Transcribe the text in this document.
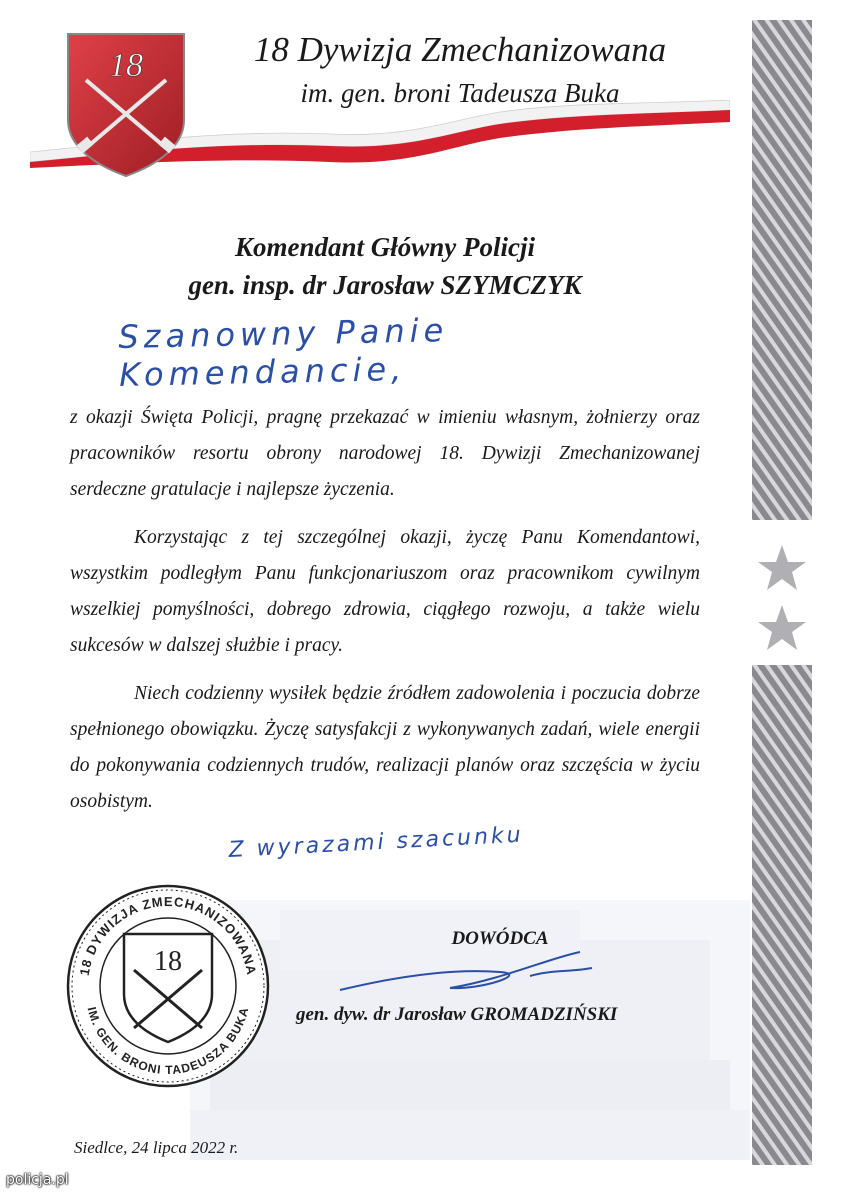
18	18 Dywizja Zmechanizowana
im. gen. broni Tadeusza Buka
Komendant Główny Policji
gen. insp. dr Jarosław SZYMCZYK
Szanowny Panie Komendancie,

z okazji Święta Policji, pragnę przekazać w imieniu własnym, żołnierzy oraz pracowników resortu obrony narodowej 18. Dywizji Zmechanizowanej serdeczne gratulacje i najlepsze życzenia.

Korzystając z tej szczególnej okazji, życzę Panu Komendantowi, wszystkim podległym Panu funkcjonariuszom oraz pracownikom cywilnym wszelkiej pomyślności, dobrego zdrowia, ciągłego rozwoju, a także wielu sukcesów w dalszej służbie i pracy.

Niech codzienny wysiłek będzie źródłem zadowolenia i poczucia dobrze spełnionego obowiązku. Życzę satysfakcji z wykonywanych zadań, wiele energii do pokonywania codziennych trudów, realizacji planów oraz szczęścia w życiu osobistym.

Z wyrazami szacunku
18 DYWIZJA ZMECHANIZOWANA
IM. GEN. BRONI TADEUSZA BUKA
18
DOWÓDCA
gen. dyw. dr Jarosław GROMADZIŃSKI
Siedlce, 24 lipca 2022 r.
policja.pl
